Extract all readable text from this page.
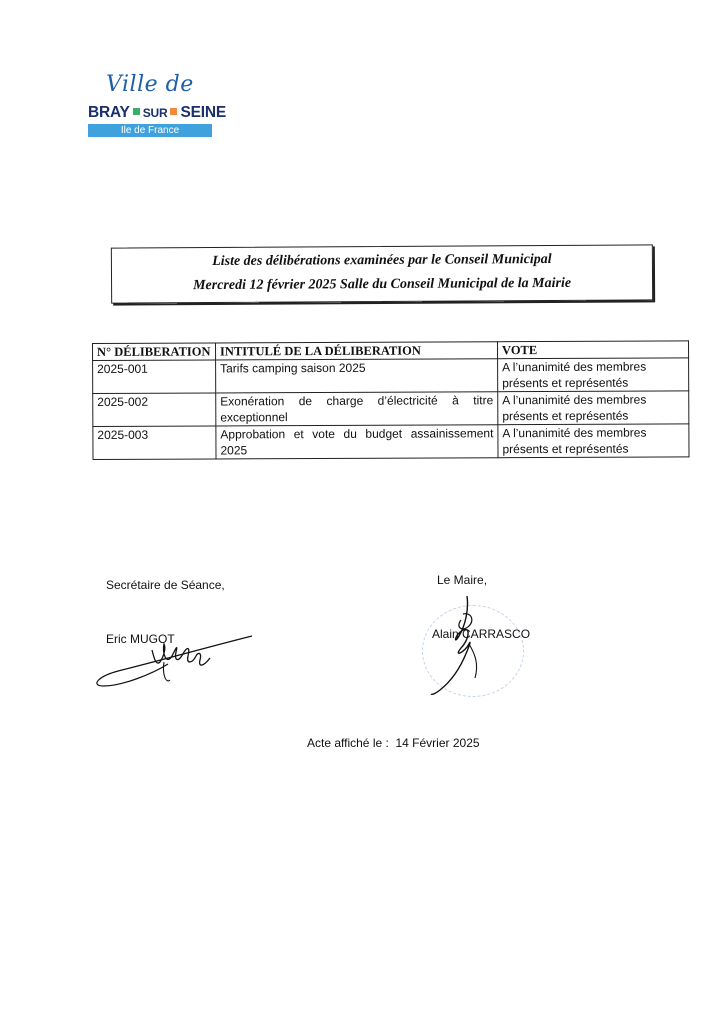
Ville de
BRAY SUR SEINE
Ile de France
Liste des délibérations examinées par le Conseil Municipal
Mercredi 12 février 2025 Salle du Conseil Municipal de la Mairie
N° DÉLIBERATION	INTITULÉ DE LA DÉLIBERATION	VOTE
2025-001	Tarifs camping saison 2025	A l’unanimité des membres présents et représentés
2025-002	Exonération de charge d’électricité à titre exceptionnel	A l’unanimité des membres présents et représentés
2025-003	Approbation et vote du budget assainissement 2025	A l’unanimité des membres présents et représentés
Secrétaire de Séance,
Eric MUGOT
Le Maire,
Alain CARRASCO
Acte affiché le : 14 Février 2025
